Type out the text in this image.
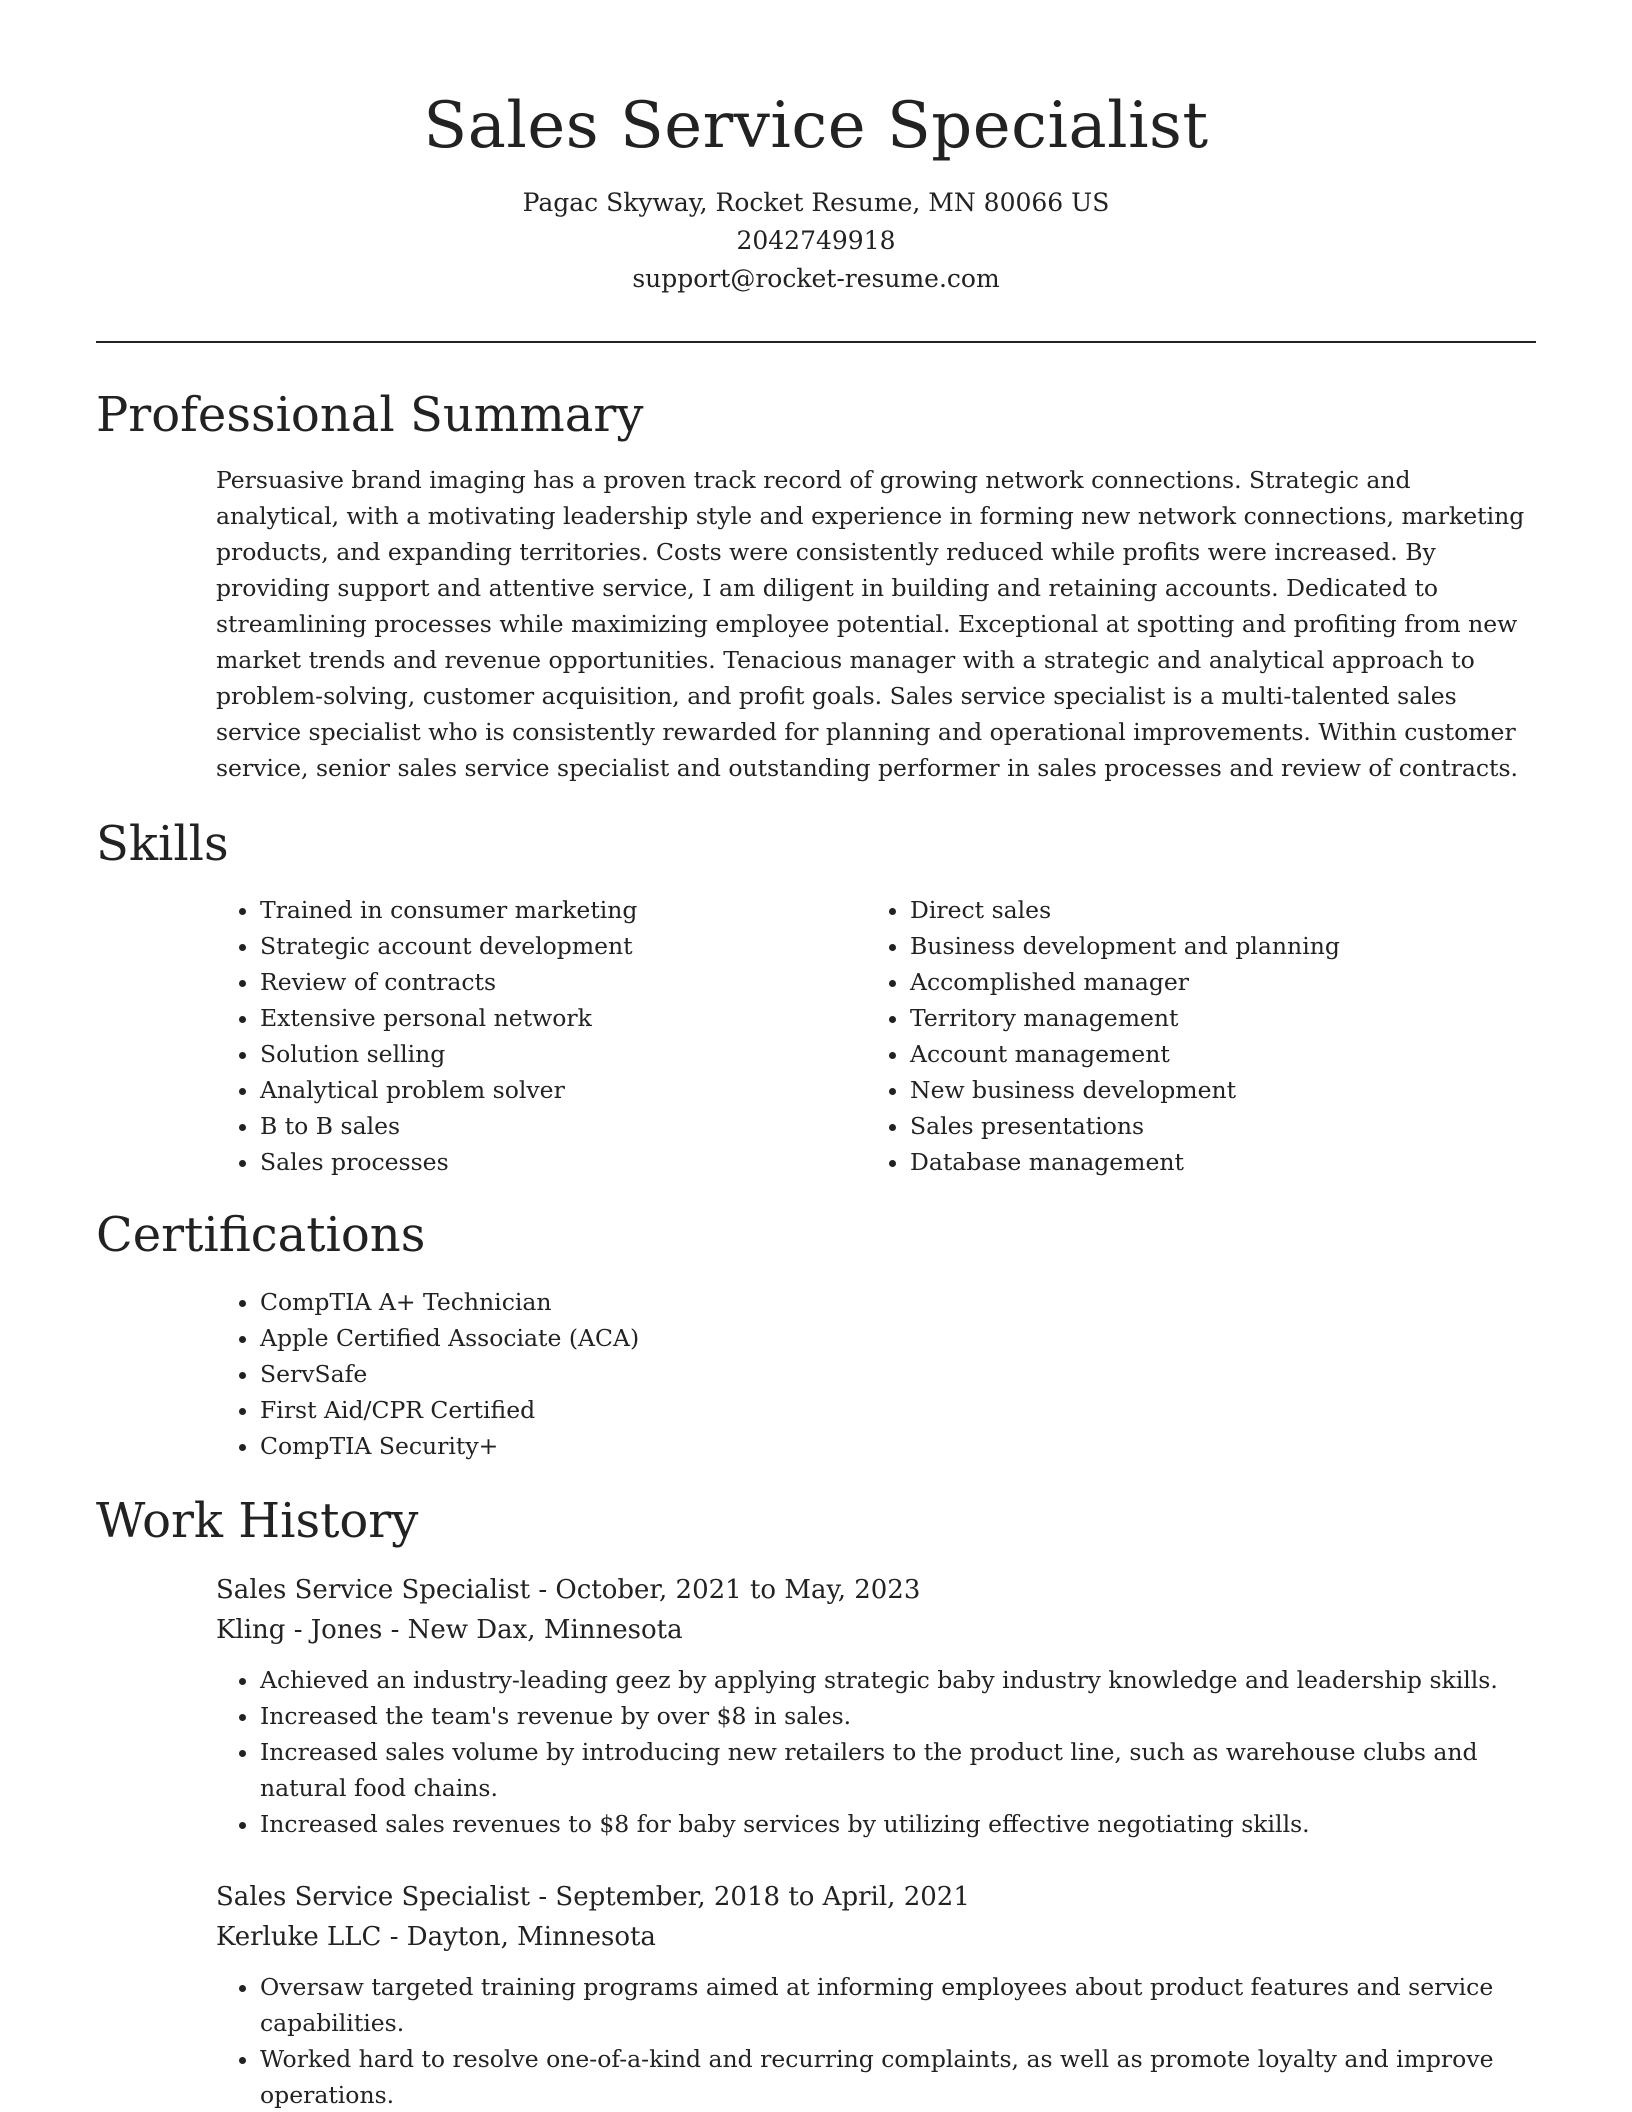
Sales Service Specialist

Pagac Skyway, Rocket Resume, MN 80066 US

2042749918

support@rocket-resume.com

Professional Summary

Persuasive brand imaging has a proven track record of growing network connections. Strategic and analytical, with a motivating leadership style and experience in forming new network connections, marketing products, and expanding territories. Costs were consistently reduced while profits were increased. By providing support and attentive service, I am diligent in building and retaining accounts. Dedicated to streamlining processes while maximizing employee potential. Exceptional at spotting and profiting from new market trends and revenue opportunities. Tenacious manager with a strategic and analytical approach to problem-solving, customer acquisition, and profit goals. Sales service specialist is a multi-talented sales service specialist who is consistently rewarded for planning and operational improvements. Within customer service, senior sales service specialist and outstanding performer in sales processes and review of contracts.

Skills
• Trained in consumer marketing
• Strategic account development
• Review of contracts
• Extensive personal network
• Solution selling
• Analytical problem solver
• B to B sales
• Sales processes
• Direct sales
• Business development and planning
• Accomplished manager
• Territory management
• Account management
• New business development
• Sales presentations
• Database management
Certifications
• CompTIA A+ Technician
• Apple Certified Associate (ACA)
• ServSafe
• First Aid/CPR Certified
• CompTIA Security+
Work History

Sales Service Specialist - October, 2021 to May, 2023

Kling - Jones - New Dax, Minnesota

• Achieved an industry-leading geez by applying strategic baby industry knowledge and leadership skills.
• Increased the team's revenue by over $8 in sales.
• Increased sales volume by introducing new retailers to the product line, such as warehouse clubs and natural food chains.
• Increased sales revenues to $8 for baby services by utilizing effective negotiating skills.

Sales Service Specialist - September, 2018 to April, 2021

Kerluke LLC - Dayton, Minnesota

• Oversaw targeted training programs aimed at informing employees about product features and service capabilities.
• Worked hard to resolve one-of-a-kind and recurring complaints, as well as promote loyalty and improve operations.
